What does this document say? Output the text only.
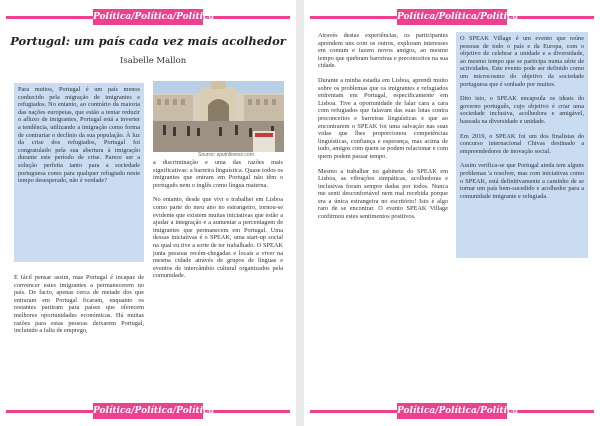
Política/Política/Política
Portugal: um país cada vez mais acolhedor
Isabelle Mallon

Para muitos, Portugal é um país menos conhecido pela migração de imigrantes e refugiados. No entanto, ao contrário da maioria das nações europeias, que estão a tentar reduzir o afluxo de imigrantes, Portugal está a inverter a tendência, utilizando a imigração como forma de contrariar o declínio da sua população. À luz da crise dos refugiados, Portugal foi congratulado pela sua abertura à imigração durante este período de crise. Parece ser a solução perfeita tanto para a sociedade portuguesa como para qualquer refugiado neste tempo desesperado, não é verdade?

É fácil pensar assim, mas Portugal é incapaz de convencer estes imigrantes a permanecerem no país. De facto, apenas cerca de metade dos que entraram em Portugal ficaram, enquanto os restantes partiram para países que oferecem melhores oportunidades económicas. Há muitas razões para estas pessoas deixarem Portugal, incluindo a falta de emprego,

Source: sputnikness.com

a discriminação e uma das razões mais significativas: a barreira linguística. Quase todos os imigrantes que entram em Portugal não têm o português nem o inglês como língua materna.

No entanto, desde que vivi e trabalhei em Lisboa como parte do meu ano no estrangeiro, tornou-se evidente que existem muitas iniciativas que estão a ajudar a integração e a aumentar a percentagem de imigrantes que permanecem em Portugal. Uma dessas iniciativas é o SPEAK, uma start-up social na qual eu tive a sorte de ter trabalhado. O SPEAK junta pessoas recém-chegadas e locais a viver na mesma cidade através de grupos de línguas e eventos de intercâmbio cultural organizados pela comunidade.

Política/Política/Política
Política/Política/Política

Através destas experiências, os participantes aprendem uns com os outros, exploram interesses em comum e fazem novos amigos, ao mesmo tempo que quebram barreiras e preconceitos na sua cidade.

Durante a minha estadia em Lisboa, aprendi muito sobre os problemas que os imigrantes e refugiados enfrentam em Portugal, especificamente em Lisboa. Tive a oportunidade de falar cara a cara com refugiados que falavam das suas lutas contra preconceitos e barreiras linguísticas e que ao encontrarem o SPEAK foi uma salvação nas suas vidas que lhes proporcionou competências linguísticas, confiança e esperança, mas acima de tudo, amigos com quem se podem relacionar e com quem podem passar tempo.

Mesmo a trabalhar no gabinete do SPEAK em Lisboa, as vibrações simpáticas, acolhedoras e inclusivas foram sempre dadas por todos. Nunca me senti desconfortável nem mal recebida porque era a única estrangeira no escritório! Isto é algo raro de se encontrar. O evento SPEAK Village confirmou estes sentimentos positivos.

O SPEAK Village é um evento que reúne pessoas de todo o país e da Europa, com o objetivo de celebrar a unidade e a diversidade, ao mesmo tempo que se participa numa série de actividades. Este evento pode ser definido como um microcosmo do objetivo da sociedade portuguesa que é sonhado por muitos.

Dito isto, o SPEAK encapsula os ideais do governo português, cujo objetivo é criar uma sociedade inclusiva, acolhedora e amigável, baseada na diversidade e unidade.

Em 2019, o SPEAK foi um dos finalistas do concurso internacional Chivas destinado a empreendedores de inovação social.

Assim verifica-se que Portugal ainda tem alguns problemas 'a resolver, mas com iniciativas como o SPEAK, está definitivamente a caminho de se tornar um país bem-sucedido e acolhedor para a comunidade imigrante e refugiada.

Política/Política/Política
